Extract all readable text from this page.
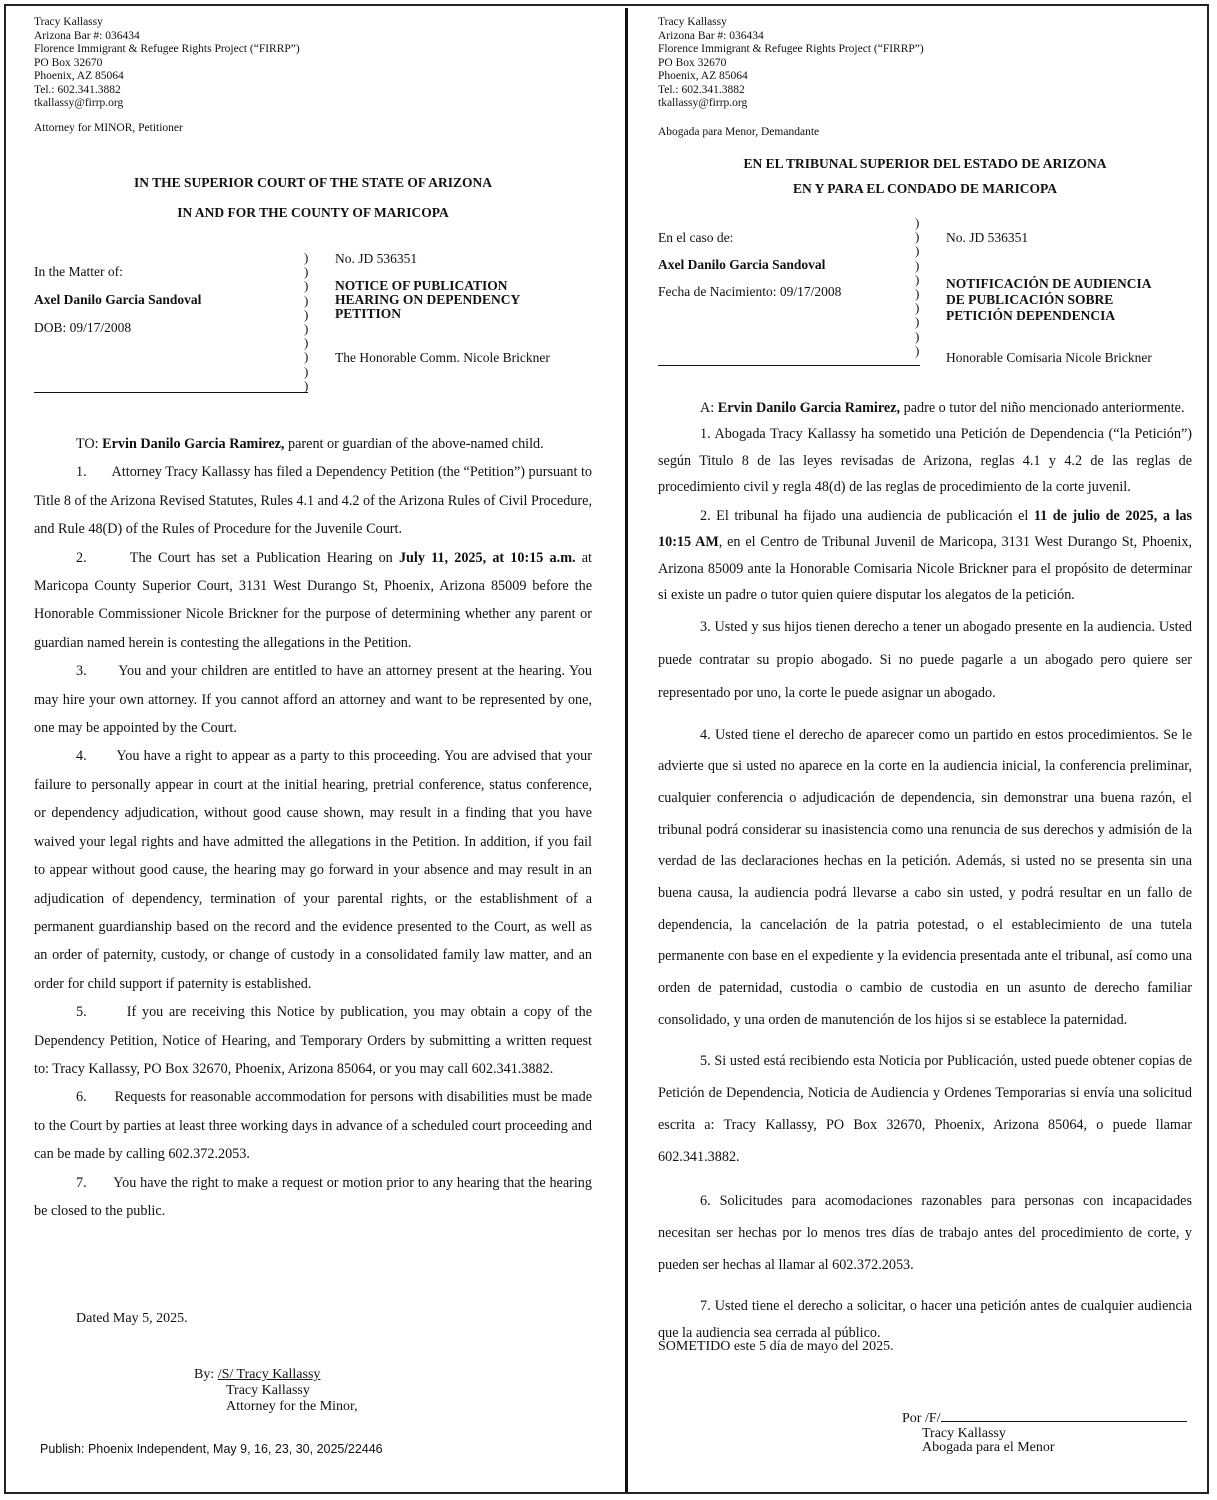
Tracy Kallassy
Arizona Bar #: 036434
Florence Immigrant & Refugee Rights Project (“FIRRP”)
PO Box 32670
Phoenix, AZ 85064
Tel.: 602.341.3882
tkallassy@firrp.org
Attorney for MINOR, Petitioner
IN THE SUPERIOR COURT OF THE STATE OF ARIZONA
IN AND FOR THE COUNTY OF MARICOPA
In the Matter of:
Axel Danilo Garcia Sandoval
DOB: 09/17/2008
)
)
)
)
)
)
)
)
)
)
No. JD 536351
NOTICE OF PUBLICATION
HEARING ON DEPENDENCY
PETITION
The Honorable Comm. Nicole Brickner

TO: Ervin Danilo Garcia Ramirez, parent or guardian of the above-named child.

1.       Attorney Tracy Kallassy has filed a Dependency Petition (the “Petition”) pursuant to Title 8 of the Arizona Revised Statutes, Rules 4.1 and 4.2 of the Arizona Rules of Civil Procedure, and Rule 48(D) of the Rules of Procedure for the Juvenile Court.

2.       The Court has set a Publication Hearing on July 11, 2025, at 10:15 a.m. at Maricopa County Superior Court, 3131 West Durango St, Phoenix, Arizona 85009 before the Honorable Commissioner Nicole Brickner for the purpose of determining whether any parent or guardian named herein is contesting the allegations in the Petition.

3.       You and your children are entitled to have an attorney present at the hearing. You may hire your own attorney. If you cannot afford an attorney and want to be represented by one, one may be appointed by the Court.

4.       You have a right to appear as a party to this proceeding. You are advised that your failure to personally appear in court at the initial hearing, pretrial conference, status conference, or dependency adjudication, without good cause shown, may result in a finding that you have waived your legal rights and have admitted the allegations in the Petition. In addition, if you fail to appear without good cause, the hearing may go forward in your absence and may result in an adjudication of dependency, termination of your parental rights, or the establishment of a permanent guardianship based on the record and the evidence presented to the Court, as well as an order of paternity, custody, or change of custody in a consolidated family law matter, and an order for child support if paternity is established.

5.       If you are receiving this Notice by publication, you may obtain a copy of the Dependency Petition, Notice of Hearing, and Temporary Orders by submitting a written request to: Tracy Kallassy, PO Box 32670, Phoenix, Arizona 85064, or you may call 602.341.3882.

6.       Requests for reasonable accommodation for persons with disabilities must be made to the Court by parties at least three working days in advance of a scheduled court proceeding and can be made by calling 602.372.2053.

7.       You have the right to make a request or motion prior to any hearing that the hearing be closed to the public.

Dated May 5, 2025.
By: /S/ Tracy Kallassy
Tracy Kallassy
Attorney for the Minor,
Publish: Phoenix Independent, May 9, 16, 23, 30, 2025/22446
Tracy Kallassy
Arizona Bar #: 036434
Florence Immigrant & Refugee Rights Project (“FIRRP”)
PO Box 32670
Phoenix, AZ 85064
Tel.: 602.341.3882
tkallassy@firrp.org
Abogada para Menor, Demandante
EN EL TRIBUNAL SUPERIOR DEL ESTADO DE ARIZONA
EN Y PARA EL CONDADO DE MARICOPA
En el caso de:
Axel Danilo Garcia Sandoval
Fecha de Nacimiento: 09/17/2008
)
)
)
)
)
)
)
)
)
)
No. JD 536351
NOTIFICACIÓN DE AUDIENCIA
DE PUBLICACIÓN SOBRE
PETICIÓN DEPENDENCIA
Honorable Comisaria Nicole Brickner

A: Ervin Danilo Garcia Ramirez, padre o tutor del niño mencionado anteriormente.

1. Abogada Tracy Kallassy ha sometido una Petición de Dependencia (“la Petición”) según Titulo 8 de las leyes revisadas de Arizona, reglas 4.1 y 4.2 de las reglas de procedimiento civil y regla 48(d) de las reglas de procedimiento de la corte juvenil.

2. El tribunal ha fijado una audiencia de publicación el 11 de julio de 2025, a las 10:15 AM, en el Centro de Tribunal Juvenil de Maricopa, 3131 West Durango St, Phoenix, Arizona 85009 ante la Honorable Comisaria Nicole Brickner para el propósito de determinar si existe un padre o tutor quien quiere disputar los alegatos de la petición.

3. Usted y sus hijos tienen derecho a tener un abogado presente en la audiencia. Usted puede contratar su propio abogado. Si no puede pagarle a un abogado pero quiere ser representado por uno, la corte le puede asignar un abogado.

4. Usted tiene el derecho de aparecer como un partido en estos procedimientos. Se le advierte que si usted no aparece en la corte en la audiencia inicial, la conferencia preliminar, cualquier conferencia o adjudicación de dependencia, sin demonstrar una buena razón, el tribunal podrá considerar su inasistencia como una renuncia de sus derechos y admisión de la verdad de las declaraciones hechas en la petición. Además, si usted no se presenta sin una buena causa, la audiencia podrá llevarse a cabo sin usted, y podrá resultar en un fallo de dependencia, la cancelación de la patria potestad, o el establecimiento de una tutela permanente con base en el expediente y la evidencia presentada ante el tribunal, así como una orden de paternidad, custodia o cambio de custodia en un asunto de derecho familiar consolidado, y una orden de manutención de los hijos si se establece la paternidad.

5. Si usted está recibiendo esta Noticia por Publicación, usted puede obtener copias de Petición de Dependencia, Noticia de Audiencia y Ordenes Temporarias si envía una solicitud escrita a: Tracy Kallassy, PO Box 32670, Phoenix, Arizona 85064, o puede llamar 602.341.3882.

6. Solicitudes para acomodaciones razonables para personas con incapacidades necesitan ser hechas por lo menos tres días de trabajo antes del procedimiento de corte, y pueden ser hechas al llamar al 602.372.2053.

7. Usted tiene el derecho a solicitar, o hacer una petición antes de cualquier audiencia que la audiencia sea cerrada al público.

SOMETIDO este 5 día de mayo del 2025.
Por /F/
Tracy Kallassy
Abogada para el Menor
